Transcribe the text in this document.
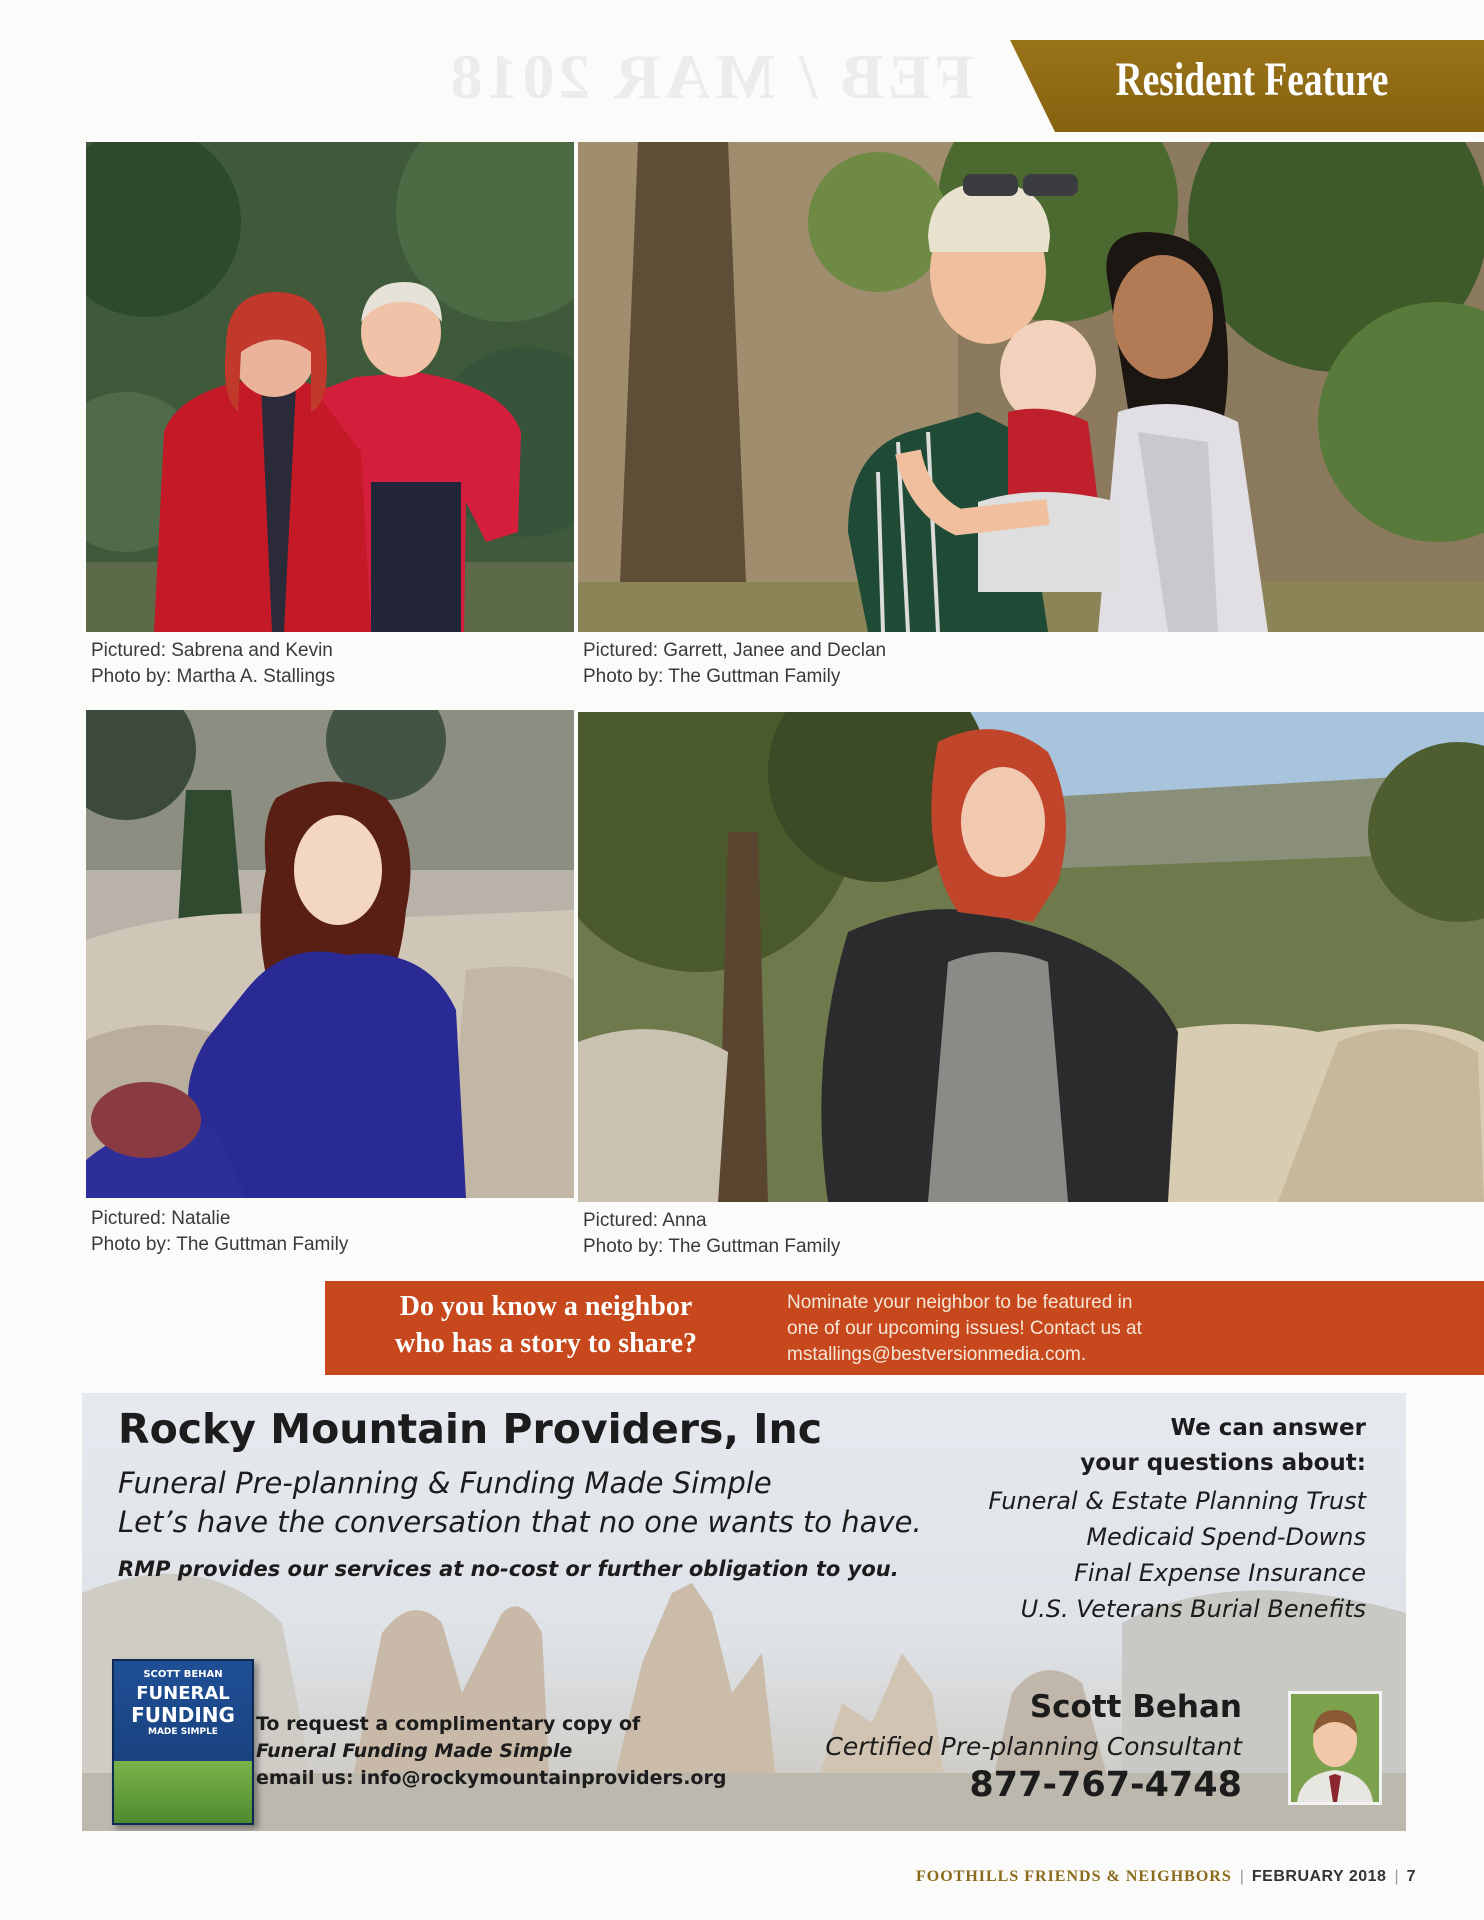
FEB / MAR 2018	Resident Feature
Pictured: Sabrena and Kevin
Photo by: Martha A. Stallings
Pictured: Garrett, Janee and Declan
Photo by: The Guttman Family
Pictured: Natalie
Photo by: The Guttman Family
Pictured: Anna
Photo by: The Guttman Family
Do you know a neighbor
who has a story to share?
Nominate your neighbor to be featured in
one of our upcoming issues! Contact us at
mstallings@bestversionmedia.com.
Rocky Mountain Providers, Inc
Funeral Pre-planning & Funding Made Simple
Let’s have the conversation that no one wants to have.
RMP provides our services at no-cost or further obligation to you.
We can answer
your questions about:
Funeral & Estate Planning Trust
Medicaid Spend-Downs
Final Expense Insurance
U.S. Veterans Burial Benefits
SCOTT BEHAN
FUNERAL
FUNDING
MADE SIMPLE	To request a complimentary copy of
Funeral Funding Made Simple
email us: info@rockymountainproviders.org
Scott Behan
Certified Pre-planning Consultant
877-767-4748
FOOTHILLS FRIENDS & NEIGHBORS | FEBRUARY 2018 | 7
